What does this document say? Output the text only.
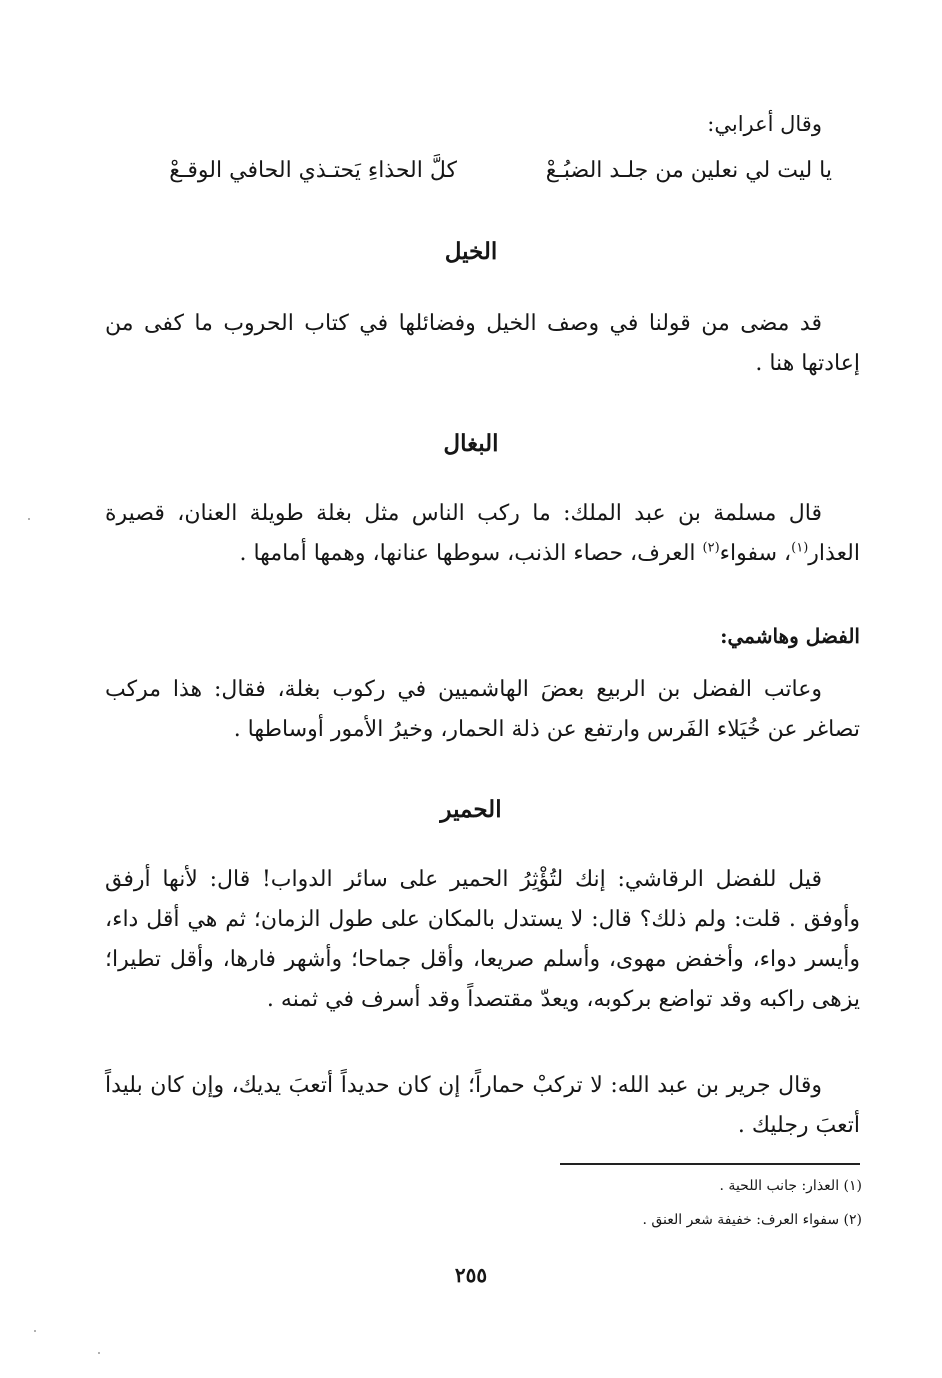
وقال أعرابي:
يا ليت لي نعلين من جلـد الضبُـعْ
كلَّ الحذاءِ يَحتـذي الحافي الوقـعْ
الخيل
قد مضى من قولنا في وصف الخيل وفضائلها في كتاب الحروب ما كفى من إعادتها هنا .
البغال
قال مسلمة بن عبد الملك: ما ركب الناس مثل بغلة طويلة العنان، قصيرة العذار$^{(١)}$، سفواء$^{(٢)}$ العرف، حصاء الذنب، سوطها عنانها، وهمها أمامها .
الفضل وهاشمي:
وعاتب الفضل بن الربيع بعضَ الهاشميين في ركوب بغلة، فقال: هذا مركب تصاغر عن خُيَلاء الفَرس وارتفع عن ذلة الحمار، وخيرُ الأمور أوساطها .
الحمير
قيل للفضل الرقاشي: إنك لتُؤْثِرُ الحمير على سائر الدواب! قال: لأنها أرفق وأوفق . قلت: ولم ذلك؟ قال: لا يستدل بالمكان على طول الزمان؛ ثم هي أقل داء، وأيسر دواء، وأخفض مهوى، وأسلم صريعا، وأقل جماحا؛ وأشهر فارها، وأقل تطيرا؛ يزهى راكبه وقد تواضع بركوبه، ويعدّ مقتصداً وقد أسرف في ثمنه .
وقال جرير بن عبد الله: لا تركبْ حماراً؛ إن كان حديداً أتعبَ يديك، وإن كان بليداً أتعبَ رجليك .
(١) العذار: جانب اللحية .
(٢) سفواء العرف: خفيفة شعر العنق .
٢٥٥
